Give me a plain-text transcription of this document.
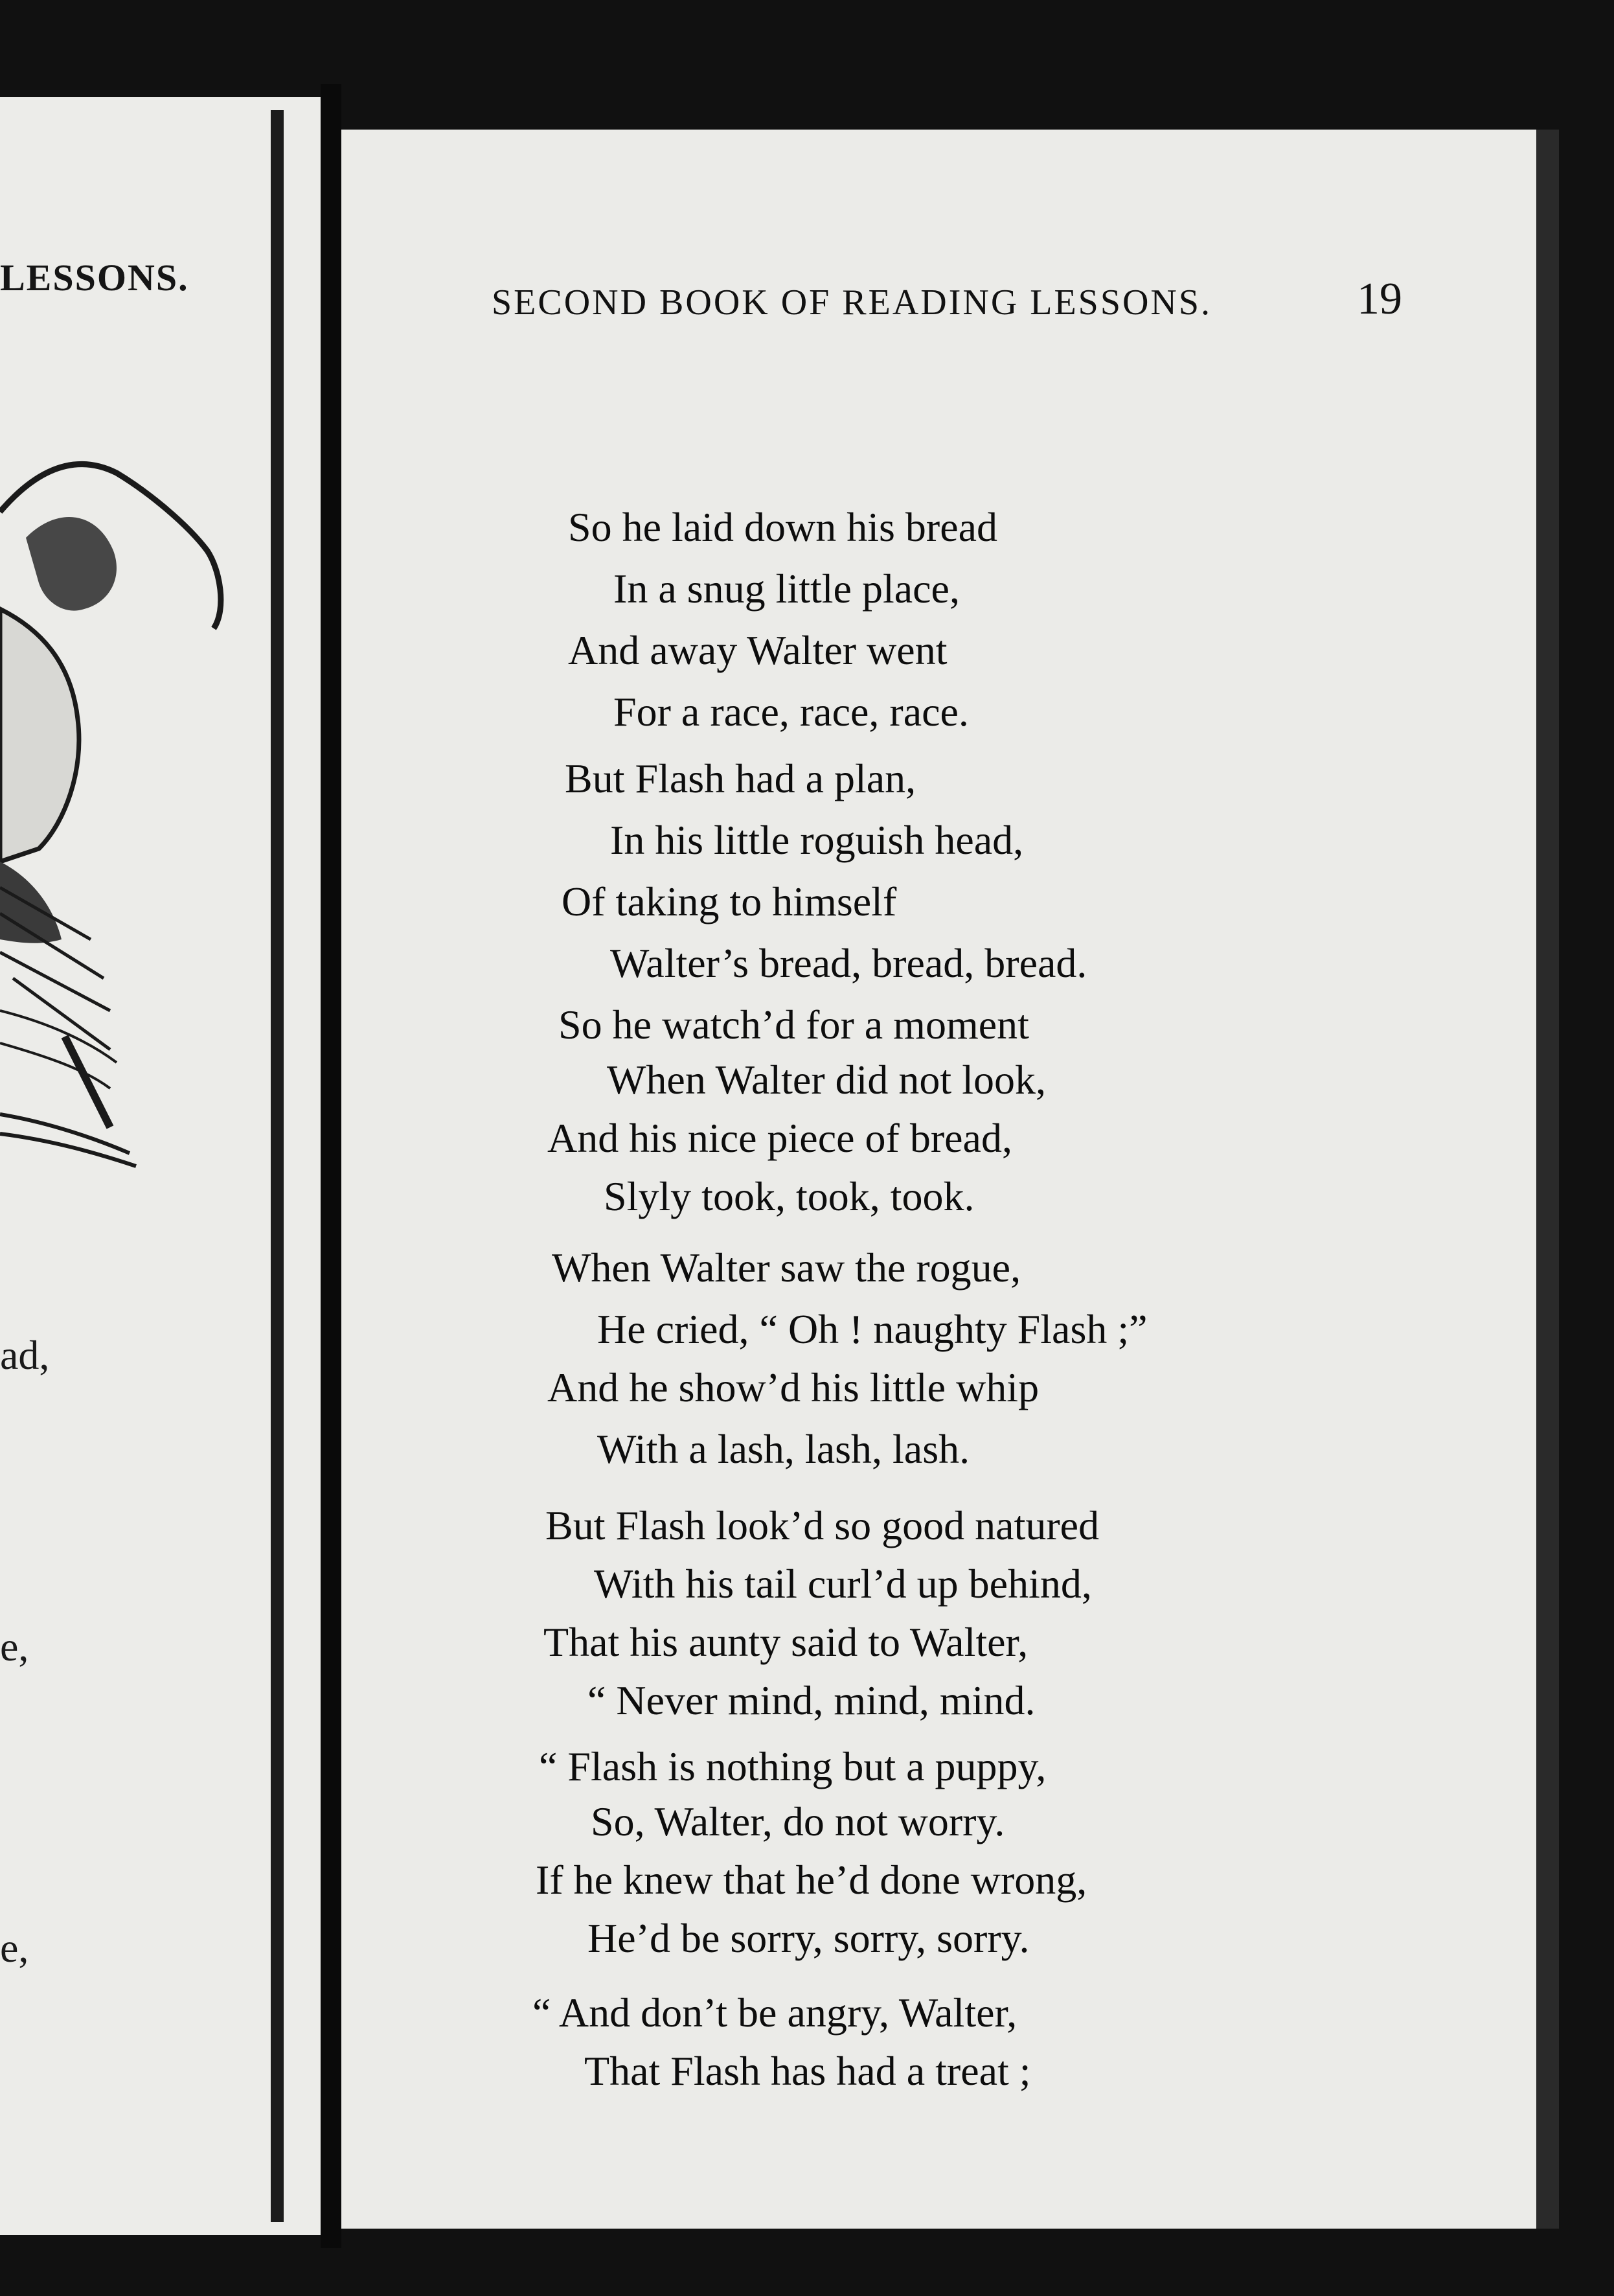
LESSONS.
ad,
e,
e,
SECOND BOOK OF READING LESSONS.	19
So he laid down his bread
In a snug little place,
And away Walter went
For a race, race, race.
But Flash had a plan,
In his little roguish head,
Of taking to himself
Walter’s bread, bread, bread.
So he watch’d for a moment
When Walter did not look,
And his nice piece of bread,
Slyly took, took, took.
When Walter saw the rogue,
He cried, “ Oh ! naughty Flash ;”
And he show’d his little whip
With a lash, lash, lash.
But Flash look’d so good natured
With his tail curl’d up behind,
That his aunty said to Walter,
“ Never mind, mind, mind.
“ Flash is nothing but a puppy,
So, Walter, do not worry.
If he knew that he’d done wrong,
He’d be sorry, sorry, sorry.
“ And don’t be angry, Walter,
That Flash has had a treat ;
